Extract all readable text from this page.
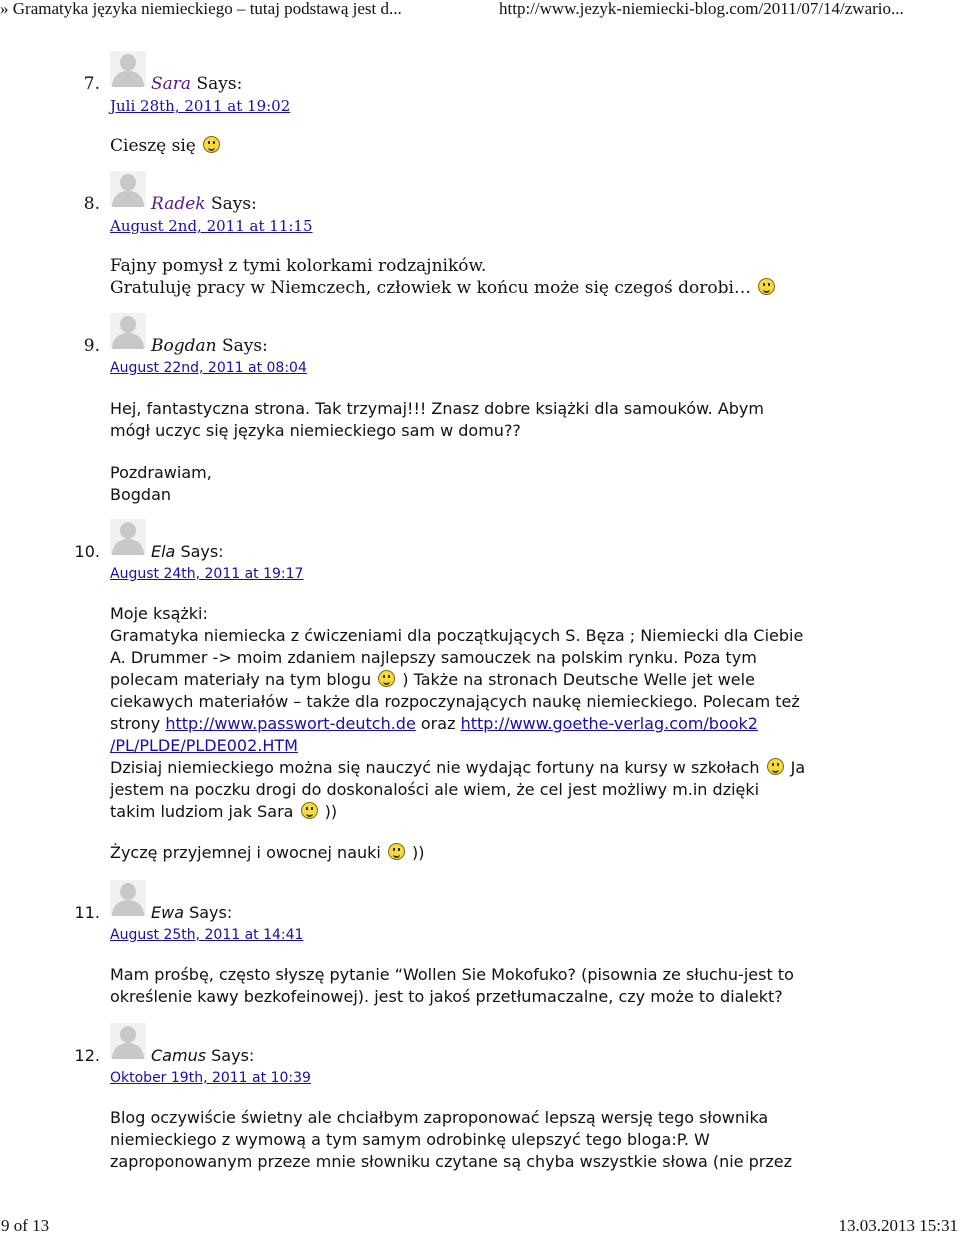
» Gramatyka języka niemieckiego – tutaj podstawą jest d...	http://www.jezyk-niemiecki-blog.com/2011/07/14/zwario...
7.	Sara Says:
Juli 28th, 2011 at 19:02
Cieszę się
8.	Radek Says:
August 2nd, 2011 at 11:15
Fajny pomysł z tymi kolorkami rodzajników.
Gratuluję pracy w Niemczech, człowiek w końcu może się czegoś dorobi…
9.	Bogdan Says:
August 22nd, 2011 at 08:04
Hej, fantastyczna strona. Tak trzymaj!!! Znasz dobre książki dla samouków. Abym
mógł uczyc się języka niemieckiego sam w domu??
Pozdrawiam,
Bogdan
10.	Ela Says:
August 24th, 2011 at 19:17
Moje ksążki:
Gramatyka niemiecka z ćwiczeniami dla początkujących S. Bęza ; Niemiecki dla Ciebie
A. Drummer -> moim zdaniem najlepszy samouczek na polskim rynku. Poza tym
polecam materiały na tym blogu ) Także na stronach Deutsche Welle jet wele
ciekawych materiałów – także dla rozpoczynających naukę niemieckiego. Polecam też
strony http://www.passwort-deutch.de oraz http://www.goethe-verlag.com/book2
/PL/PLDE/PLDE002.HTM
Dzisiaj niemieckiego można się nauczyć nie wydając fortuny na kursy w szkołach Ja
jestem na poczku drogi do doskonalości ale wiem, że cel jest możliwy m.in dzięki
takim ludziom jak Sara ))
Życzę przyjemnej i owocnej nauki ))
11.	Ewa Says:
August 25th, 2011 at 14:41
Mam prośbę, często słyszę pytanie “Wollen Sie Mokofuko? (pisownia ze słuchu-jest to
określenie kawy bezkofeinowej). jest to jakoś przetłumaczalne, czy może to dialekt?
12.	Camus Says:
Oktober 19th, 2011 at 10:39
Blog oczywiście świetny ale chciałbym zaproponować lepszą wersję tego słownika
niemieckiego z wymową a tym samym odrobinkę ulepszyć tego bloga:P. W
zaproponowanym przeze mnie słowniku czytane są chyba wszystkie słowa (nie przez
9 of 13	13.03.2013 15:31
